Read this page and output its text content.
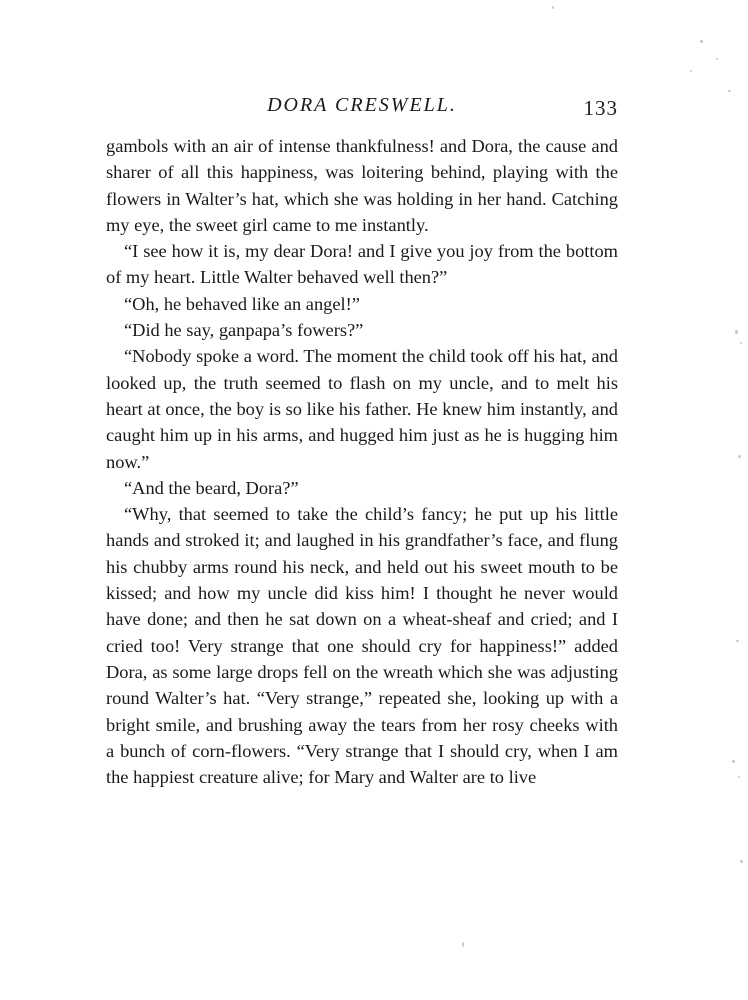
DORA CRESWELL.	133

gambols with an air of intense thankfulness! and Dora, the cause and sharer of all this happiness, was loitering behind, playing with the flowers in Walter’s hat, which she was holding in her hand. Catching my eye, the sweet girl came to me instantly.

“I see how it is, my dear Dora! and I give you joy from the bottom of my heart. Little Walter behaved well then?”

“Oh, he behaved like an angel!”

“Did he say, ganpapa’s fowers?”

“Nobody spoke a word. The moment the child took off his hat, and looked up, the truth seemed to flash on my uncle, and to melt his heart at once, the boy is so like his father. He knew him instantly, and caught him up in his arms, and hugged him just as he is hugging him now.”

“And the beard, Dora?”

“Why, that seemed to take the child’s fancy; he put up his little hands and stroked it; and laughed in his grandfather’s face, and flung his chubby arms round his neck, and held out his sweet mouth to be kissed; and how my uncle did kiss him! I thought he never would have done; and then he sat down on a wheat-sheaf and cried; and I cried too! Very strange that one should cry for happiness!” added Dora, as some large drops fell on the wreath which she was adjusting round Walter’s hat. “Very strange,” repeated she, looking up with a bright smile, and brushing away the tears from her rosy cheeks with a bunch of corn-flowers. “Very strange that I should cry, when I am the happiest creature alive; for Mary and Walter are to live
